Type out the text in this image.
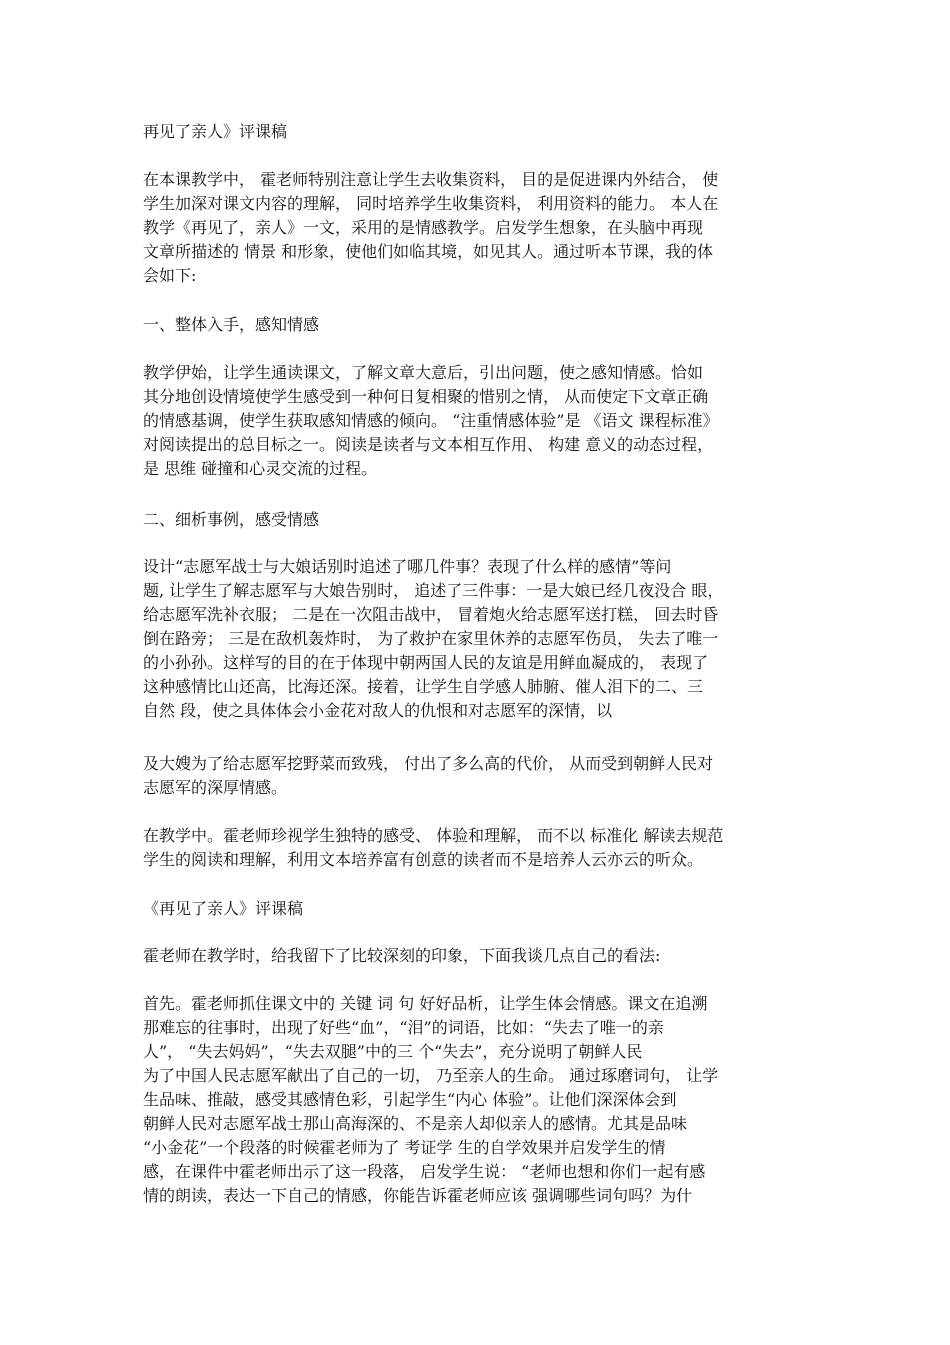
再见了亲人》评课稿
在本课教学中， 霍老师特别注意让学生去收集资料， 目的是促进课内外结合， 使
学生加深对课文内容的理解， 同时培养学生收集资料， 利用资料的能力。 本人在
教学《再见了，亲人》一文，采用的是情感教学。启发学生想象，在头脑中再现
文章所描述的 情景 和形象，使他们如临其境，如见其人。通过听本节课，我的体
会如下:
一、整体入手，感知情感
教学伊始，让学生通读课文，了解文章大意后，引出问题，使之感知情感。恰如
其分地创设情境使学生感受到一种何日复相聚的惜别之情， 从而使定下文章正确
的情感基调，使学生获取感知情感的倾向。 “注重情感体验”是 《语文 课程标准》
对阅读提出的总目标之一。阅读是读者与文本相互作用、 构建 意义的动态过程，
是 思维 碰撞和心灵交流的过程。
二、细析事例，感受情感
设计“志愿军战士与大娘话别时追述了哪几件事？表现了什么样的感情”等问
题, 让学生了解志愿军与大娘告别时， 追述了三件事：一是大娘已经几夜没合 眼，
给志愿军洗补衣服； 二是在一次阻击战中， 冒着炮火给志愿军送打糕， 回去时昏
倒在路旁； 三是在敌机轰炸时， 为了救护在家里休养的志愿军伤员， 失去了唯一
的小孙孙。这样写的目的在于体现中朝两国人民的友谊是用鲜血凝成的， 表现了
这种感情比山还高，比海还深。接着，让学生自学感人肺腑、催人泪下的二、三
自然 段，使之具体体会小金花对敌人的仇恨和对志愿军的深情，以
及大嫂为了给志愿军挖野菜而致残， 付出了多么高的代价， 从而受到朝鲜人民对
志愿军的深厚情感。
在教学中。霍老师珍视学生独特的感受、 体验和理解， 而不以 标准化 解读去规范
学生的阅读和理解，利用文本培养富有创意的读者而不是培养人云亦云的听众。
《再见了亲人》评课稿
霍老师在教学时，给我留下了比较深刻的印象，下面我谈几点自己的看法:
首先。霍老师抓住课文中的 关键 词 句 好好品析，让学生体会情感。课文在追溯
那难忘的往事时，出现了好些“血”，“泪”的词语，比如：“失去了唯一的亲
人”， “失去妈妈”，“失去双腿”中的三 个“失去”，充分说明了朝鲜人民
为了中国人民志愿军献出了自己的一切， 乃至亲人的生命。 通过琢磨词句， 让学
生品味、推敲，感受其感情色彩，引起学生“内心 体验”。让他们深深体会到
朝鲜人民对志愿军战士那山高海深的、不是亲人却似亲人的感情。尤其是品味
“小金花”一个段落的时候霍老师为了 考证学 生的自学效果并启发学生的情
感，在课件中霍老师出示了这一段落， 启发学生说： “老师也想和你们一起有感
情的朗读，表达一下自己的情感，你能告诉霍老师应该 强调哪些词句吗？为什
